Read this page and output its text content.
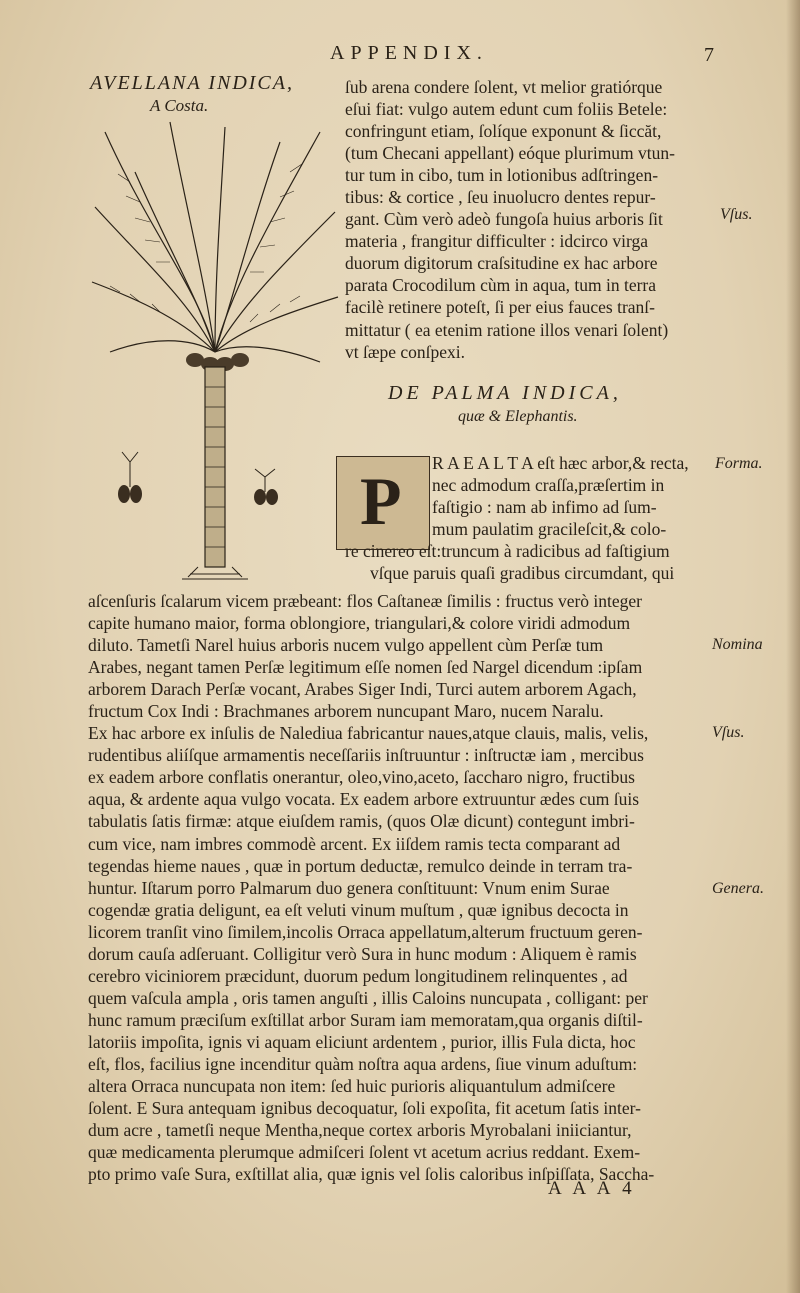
APPENDIX.	7
AVELLANA INDICA,
A Costa.
ſub arena condere ſolent, vt melior gratiórque
eſui fiat: vulgo autem edunt cum foliis Betele:
confringunt etiam, ſolíque exponunt & ſiccăt,
(tum Checani appellant) eóque plurimum vtun-
tur tum in cibo, tum in lotionibus adſtringen-
tibus: & cortice , ſeu inuolucro dentes repur-
gant. Cùm verò adeò fungoſa huius arboris ſit
materia , frangitur difficulter : idcirco virga
duorum digitorum craſsitudine ex hac arbore
parata Crocodilum cùm in aqua, tum in terra
facilè retinere poteſt, ſi per eius fauces tranſ-
mittatur ( ea etenim ratione illos venari ſolent)
vt ſæpe conſpexi.
Vſus.
DE PALMA INDICA,
quæ & Elephantis.
P R A E A L T A eſt hæc arbor,& recta,
nec admodum craſſa,præſertim in
faſtigio : nam ab infimo ad ſum-
mum paulatim gracileſcit,& colo-
re cinereo eſt:truncum à radicibus ad faſtigium
vſque paruis quaſi gradibus circumdant, qui
Forma.
aſcenſuris ſcalarum vicem præbeant: flos Caſtaneæ ſimilis : fructus verò integer
capite humano maior, forma oblongiore, triangulari,& colore viridi admodum
diluto. Tametſi Narel huius arboris nucem vulgo appellent cùm Perſæ tum
Arabes, negant tamen Perſæ legitimum eſſe nomen ſed Nargel dicendum :ipſam
arborem Darach Perſæ vocant, Arabes Siger Indi, Turci autem arborem Agach,
fructum Cox Indi : Brachmanes arborem nuncupant Maro, nucem Naralu.
Ex hac arbore ex inſulis de Nalediua fabricantur naues,atque clauis, malis, velis,
rudentibus aliíſque armamentis neceſſariis inſtruuntur : inſtructæ iam , mercibus
ex eadem arbore conflatis onerantur, oleo,vino,aceto, ſaccharo nigro, fructibus
aqua, & ardente aqua vulgo vocata. Ex eadem arbore extruuntur ædes cum ſuis
tabulatis ſatis firmæ: atque eiuſdem ramis, (quos Olæ dicunt) contegunt imbri-
cum vice, nam imbres commodè arcent. Ex iiſdem ramis tecta comparant ad
tegendas hieme naues , quæ in portum deductæ, remulco deinde in terram tra-
huntur. Iſtarum porro Palmarum duo genera conſtituunt: Vnum enim Surae
cogendæ gratia deligunt, ea eſt veluti vinum muſtum , quæ ignibus decocta in
licorem tranſit vino ſimilem,incolis Orraca appellatum,alterum fructuum geren-
dorum cauſa adſeruant. Colligitur verò Sura in hunc modum : Aliquem è ramis
cerebro viciniorem præcidunt, duorum pedum longitudinem relinquentes , ad
quem vaſcula ampla , oris tamen anguſti , illis Caloins nuncupata , colligant: per
hunc ramum præciſum exſtillat arbor Suram iam memoratam,qua organis diſtil-
latoriis impoſita, ignis vi aquam eliciunt ardentem , purior, illis Fula dicta, hoc
eſt, flos, facilius igne incenditur quàm noſtra aqua ardens, ſiue vinum aduſtum:
altera Orraca nuncupata non item: ſed huic purioris aliquantulum admiſcere
ſolent. E Sura antequam ignibus decoquatur, ſoli expoſita, fit acetum ſatis inter-
dum acre , tametſi neque Mentha,neque cortex arboris Myrobalani iniiciantur,
quæ medicamenta plerumque admiſceri ſolent vt acetum acrius reddant. Exem-
pto primo vaſe Sura, exſtillat alia, quæ ignis vel ſolis caloribus inſpiſſata, Saccha-
Nomina
Vſus.
Genera.
A A A 4
